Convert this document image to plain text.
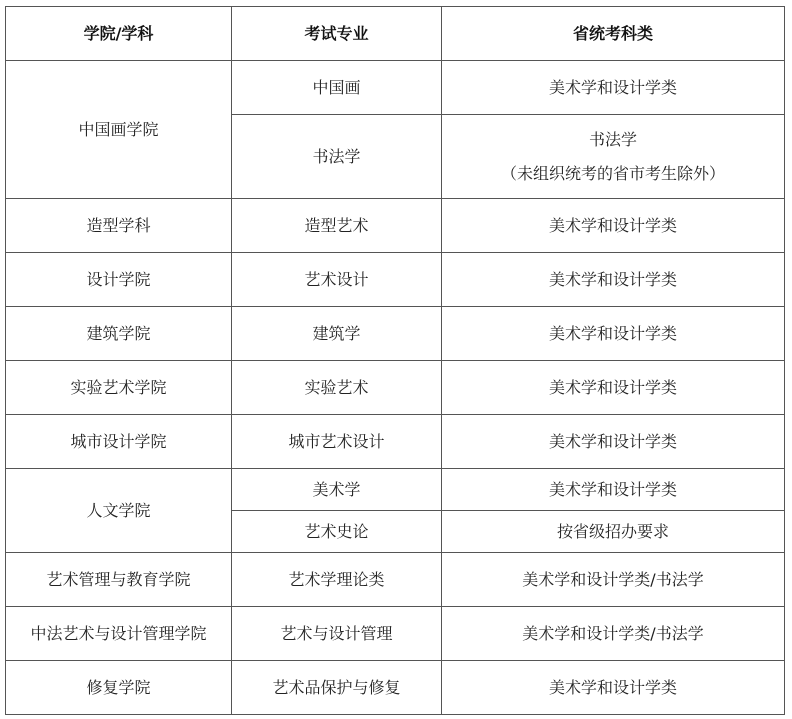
学院/学科	考试专业	省统考科类
中国画学院	中国画	美术学和设计学类
	书法学	书法学
（未组织统考的省市考生除外）

造型学科	造型艺术	美术学和设计学类
设计学院	艺术设计	美术学和设计学类
建筑学院	建筑学	美术学和设计学类
实验艺术学院	实验艺术	美术学和设计学类
城市设计学院	城市艺术设计	美术学和设计学类
人文学院	美术学	美术学和设计学类
	艺术史论	按省级招办要求
艺术管理与教育学院	艺术学理论类	美术学和设计学类/书法学
中法艺术与设计管理学院	艺术与设计管理	美术学和设计学类/书法学
修复学院	艺术品保护与修复	美术学和设计学类
